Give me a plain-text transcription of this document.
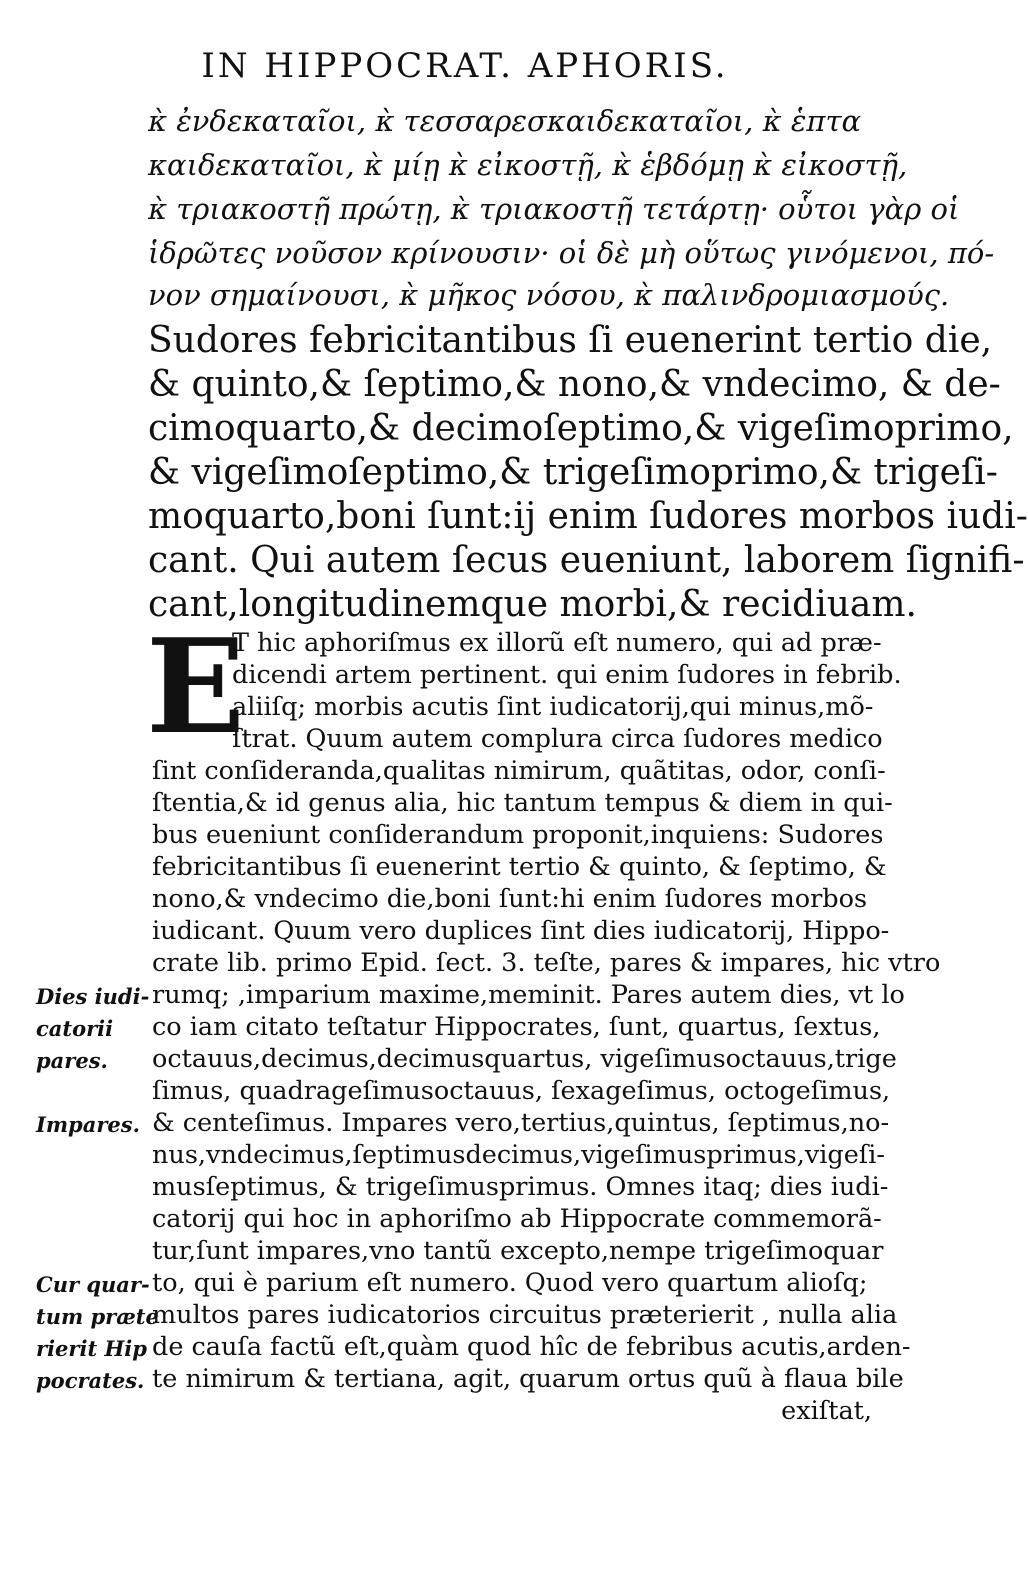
IN HIPPOCRAT. APHORIS.
κ̀ ἐνδεκαταῖοι, κ̀ τεσσαρεσκαιδεκαταῖοι, κ̀ ἑπτα
καιδεκαταῖοι, κ̀ μίῃ κ̀ εἰκοστῇ, κ̀ ἑβδόμῃ κ̀ εἰκοστῇ,
κ̀ τριακοστῇ πρώτῃ, κ̀ τριακοστῇ τετάρτῃ· οὗτοι γὰρ οἱ
ἱδρῶτες νοῦσον κρίνουσιν· οἱ δὲ μὴ οὕτως γινόμενοι, πό-
νον σημαίνουσι, κ̀ μῆκος νόσου, κ̀ παλινδρομιασμούς.
Sudores febricitantibus ſi euenerint tertio die,
& quinto,& ſeptimo,& nono,& vndecimo, & de-
cimoquarto,& decimoſeptimo,& vigeſimoprimo,
& vigeſimoſeptimo,& trigeſimoprimo,& trigeſi-
moquarto,boni ſunt:ij enim ſudores morbos iudi-
cant. Qui autem ſecus eueniunt, laborem ſignifi-
cant,longitudinemque morbi,& recidiuam.
E
T hic aphoriſmus ex illorũ eſt numero, qui ad præ-
dicendi artem pertinent. qui enim ſudores in febrib.
aliiſq; morbis acutis ſint iudicatorij,qui minus,mõ-
ſtrat. Quum autem complura circa ſudores medico
ſint conſideranda,qualitas nimirum, quãtitas, odor, conſi-
ſtentia,& id genus alia, hic tantum tempus & diem in qui-
bus eueniunt conſiderandum proponit,inquiens: Sudores
febricitantibus ſi euenerint tertio & quinto, & ſeptimo, &
nono,& vndecimo die,boni ſunt:hi enim ſudores morbos
iudicant. Quum vero duplices ſint dies iudicatorij, Hippo-
crate lib. primo Epid. ſect. 3. teſte, pares & impares, hic vtro
rumq; ,imparium maxime,meminit. Pares autem dies, vt lo
co iam citato teſtatur Hippocrates, ſunt, quartus, ſextus,
octauus,decimus,decimusquartus, vigeſimusoctauus,trige
ſimus, quadrageſimusoctauus, ſexageſimus, octogeſimus,
& centeſimus. Impares vero,tertius,quintus, ſeptimus,no-
nus,vndecimus,ſeptimusdecimus,vigeſimusprimus,vigeſi-
musſeptimus, & trigeſimusprimus. Omnes itaq; dies iudi-
catorij qui hoc in aphoriſmo ab Hippocrate commemorã-
tur,ſunt impares,vno tantũ excepto,nempe trigeſimoquar
to, qui è parium eſt numero. Quod vero quartum alioſq;
multos pares iudicatorios circuitus præterierit , nulla alia
de cauſa factũ eſt,quàm quod hîc de febribus acutis,arden-
te nimirum & tertiana, agit, quarum ortus quũ à flaua bile
exiſtat,
Dies iudi-
catorii
pares.
Impares.
Cur quar-
tum præte
rierit Hip
pocrates.
